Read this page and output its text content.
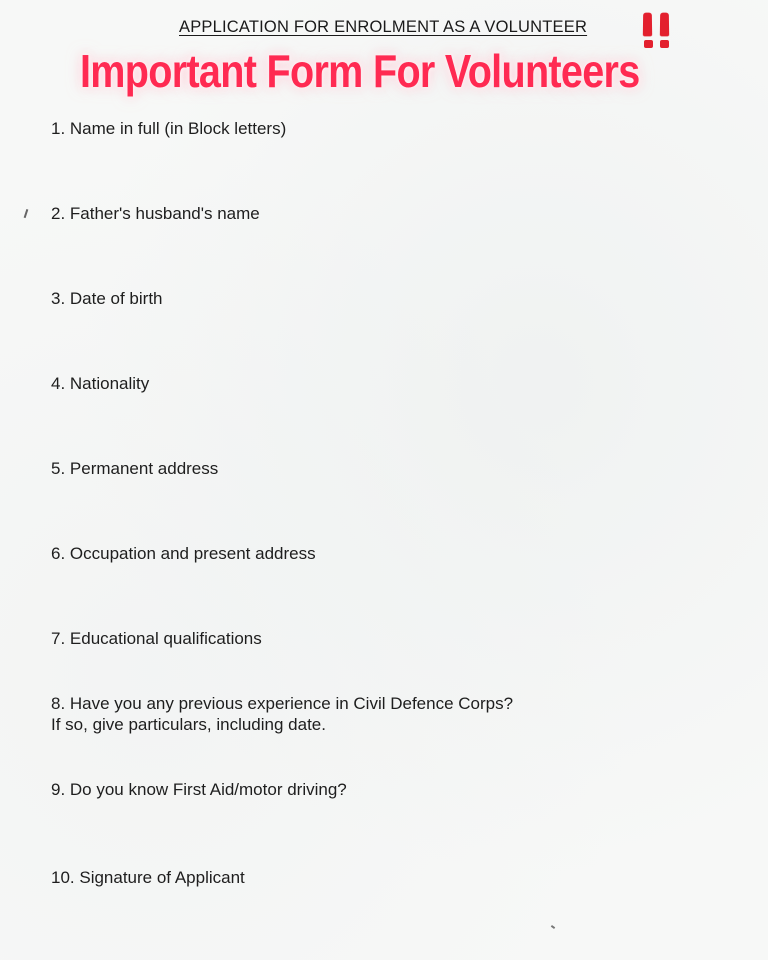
APPLICATION FOR ENROLMENT AS A VOLUNTEER
Important Form For Volunteers
1. Name in full (in Block letters)
2. Father's husband's name
3. Date of birth
4. Nationality
5. Permanent address
6. Occupation and present address
7. Educational qualifications
8. Have you any previous experience in Civil Defence Corps?
If so, give particulars, including date.
9. Do you know First Aid/motor driving?
10. Signature of Applicant
